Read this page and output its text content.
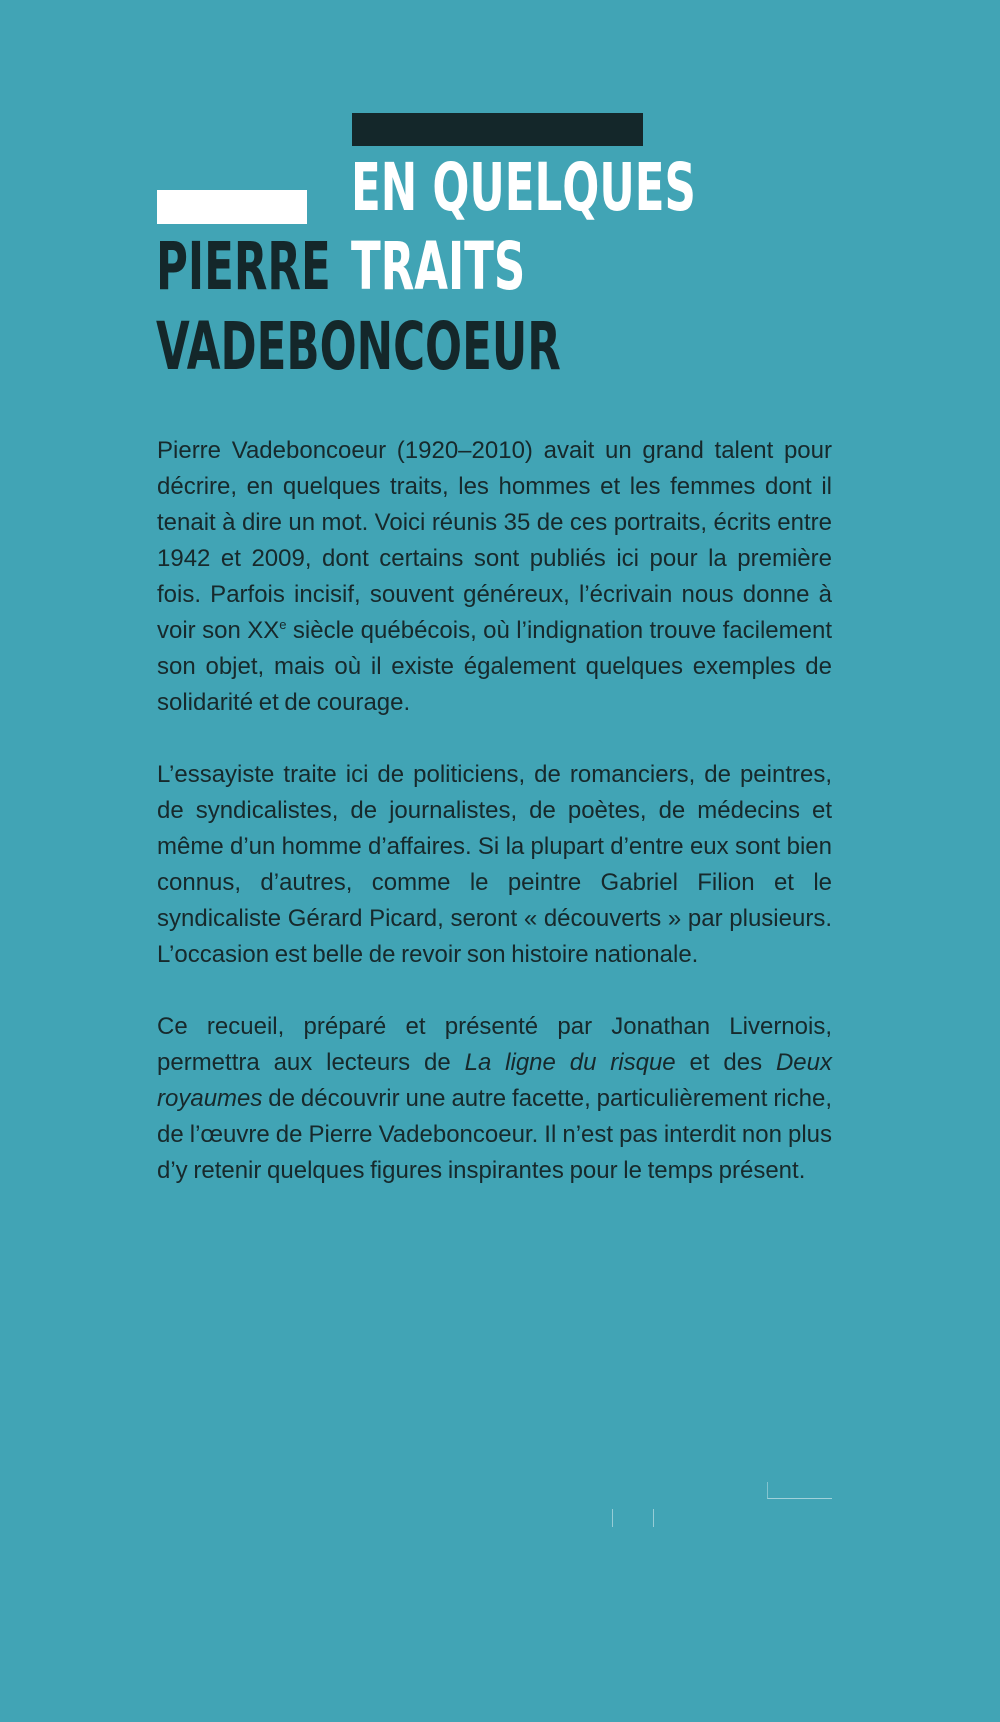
EN QUELQUES
TRAITS
PIERRE
VADEBONCOEUR

Pierre Vadeboncoeur (1920–2010) avait un grand talent pour décrire, en quelques traits, les hommes et les femmes dont il tenait à dire un mot. Voici réunis 35 de ces portraits, écrits entre 1942 et 2009, dont certains sont publiés ici pour la première fois. Parfois incisif, souvent généreux, l’écrivain nous donne à voir son XXe siècle québécois, où l’indignation trouve facilement son objet, mais où il existe également quelques exemples de solidarité et de courage.

L’essayiste traite ici de politiciens, de romanciers, de peintres, de syndicalistes, de journalistes, de poètes, de médecins et même d’un homme d’affaires. Si la plupart d’entre eux sont bien connus, d’autres, comme le peintre Gabriel Filion et le syndicaliste Gérard Picard, seront « découverts » par plusieurs. L’occasion est belle de revoir son histoire nationale.

Ce recueil, préparé et présenté par Jonathan Livernois, permettra aux lecteurs de La ligne du risque et des Deux royaumes de découvrir une autre facette, particulièrement riche, de l’œuvre de Pierre Vadeboncoeur. Il n’est pas interdit non plus d’y retenir quelques figures inspirantes pour le temps présent.
